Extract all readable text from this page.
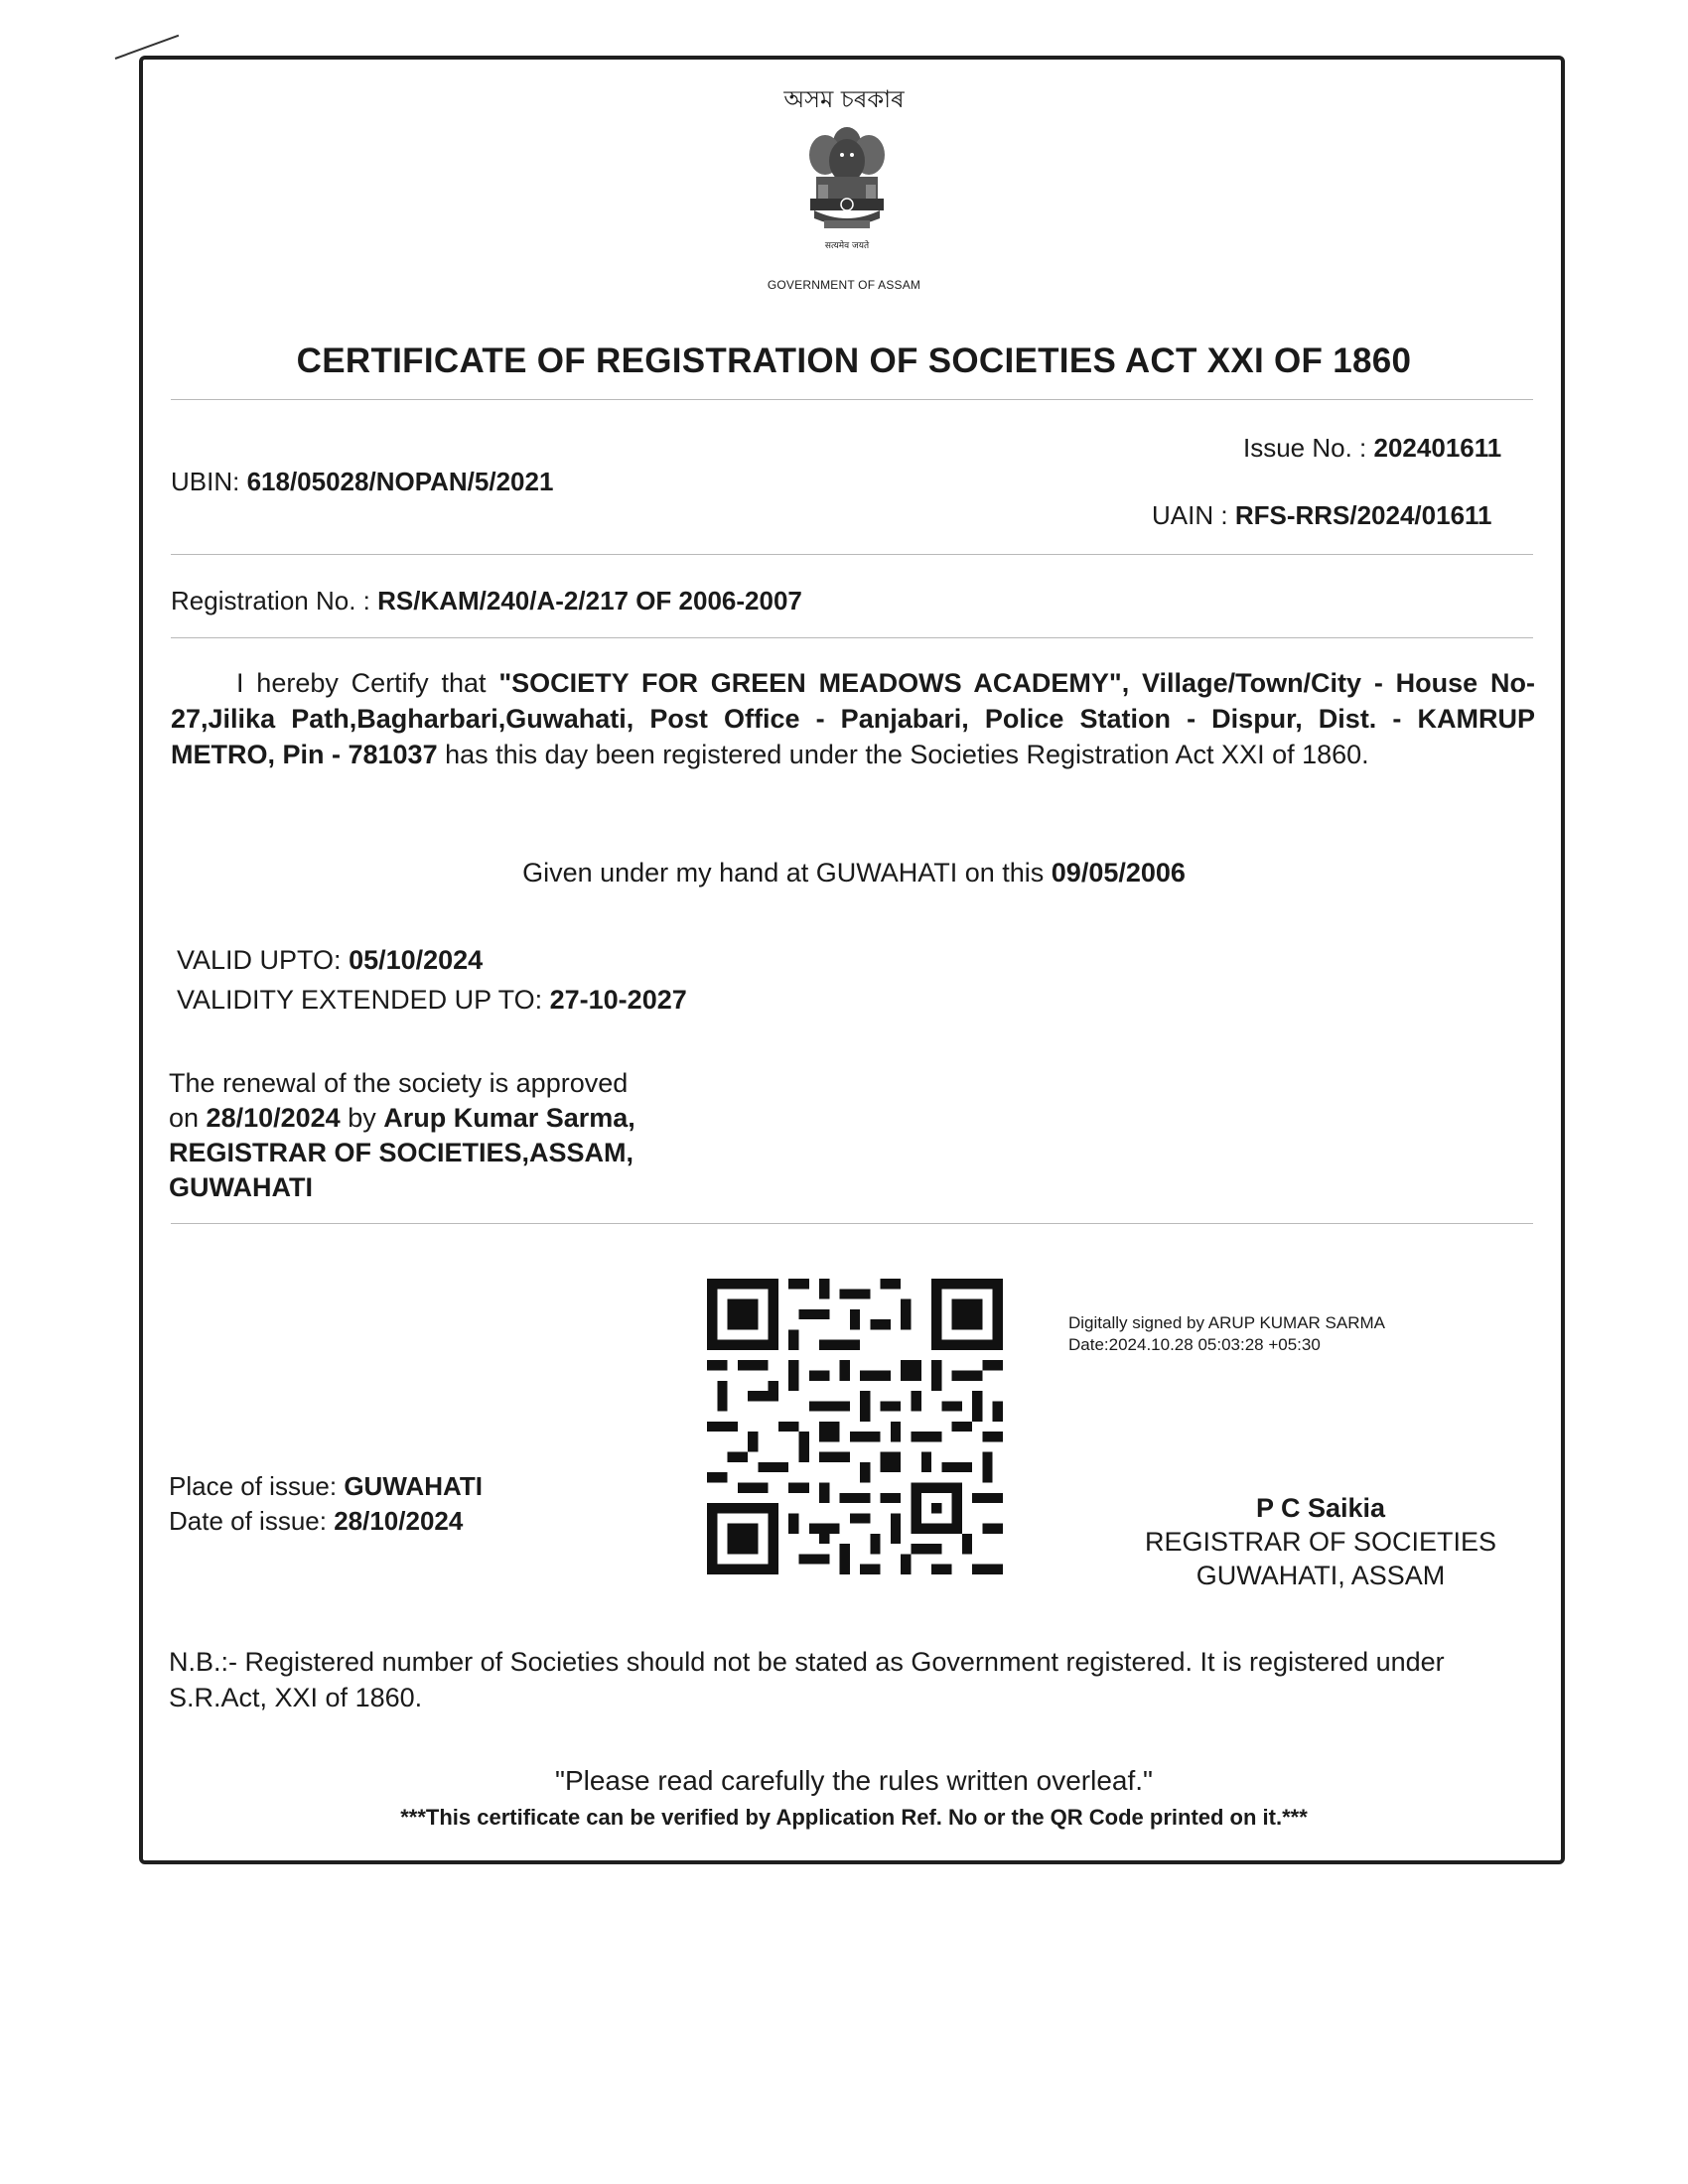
অসম চৰকাৰ
सत्यमेव जयते
GOVERNMENT OF ASSAM
CERTIFICATE OF REGISTRATION OF SOCIETIES ACT XXI OF 1860
Issue No. : 202401611
UBIN: 618/05028/NOPAN/5/2021
UAIN : RFS-RRS/2024/01611
Registration No. : RS/KAM/240/A-2/217 OF 2006-2007
I hereby Certify that "SOCIETY FOR GREEN MEADOWS ACADEMY", Village/Town/City - House No-27,Jilika Path,Bagharbari,Guwahati, Post Office - Panjabari, Police Station - Dispur, Dist. - KAMRUP METRO, Pin - 781037 has this day been registered under the Societies Registration Act XXI of 1860.
Given under my hand at GUWAHATI on this 09/05/2006
VALID UPTO: 05/10/2024
VALIDITY EXTENDED UP TO: 27-10-2027
The renewal of the society is approved on 28/10/2024 by Arup Kumar Sarma, REGISTRAR OF SOCIETIES,ASSAM, GUWAHATI
Digitally signed by ARUP KUMAR SARMA
Date:2024.10.28 05:03:28 +05:30
Place of issue: GUWAHATI
Date of issue: 28/10/2024	P C Saikia
REGISTRAR OF SOCIETIES
GUWAHATI, ASSAM
N.B.:- Registered number of Societies should not be stated as Government registered. It is registered under S.R.Act, XXI of 1860.
"Please read carefully the rules written overleaf."
***This certificate can be verified by Application Ref. No or the QR Code printed on it.***
